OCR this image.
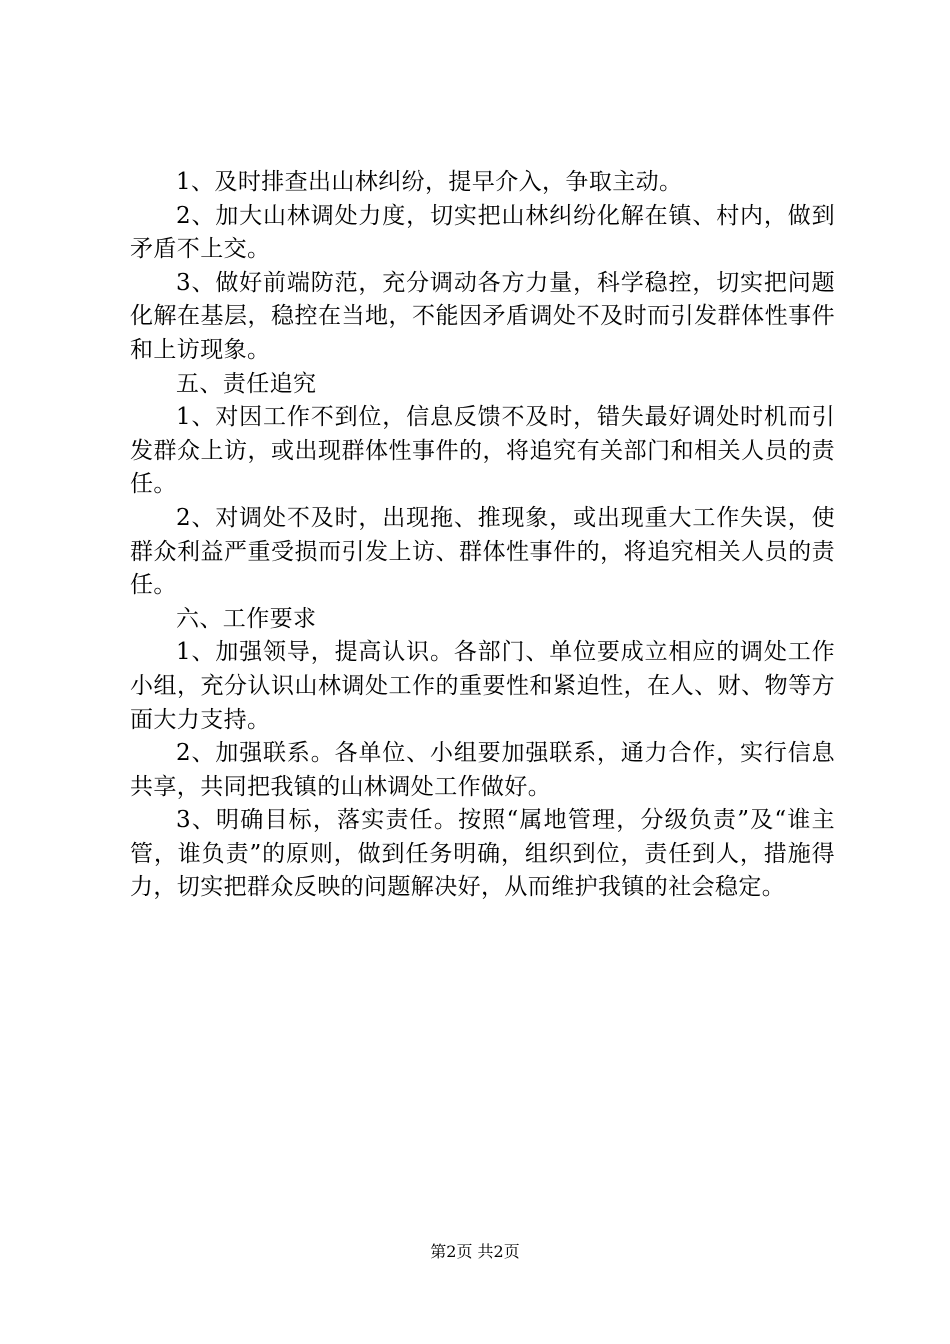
1、及时排查出山林纠纷，提早介入，争取主动。

2、加大山林调处力度，切实把山林纠纷化解在镇、村内，做到矛盾不上交。

3、做好前端防范，充分调动各方力量，科学稳控，切实把问题化解在基层，稳控在当地，不能因矛盾调处不及时而引发群体性事件和上访现象。

五、责任追究

1、对因工作不到位，信息反馈不及时，错失最好调处时机而引发群众上访，或出现群体性事件的，将追究有关部门和相关人员的责任。

2、对调处不及时，出现拖、推现象，或出现重大工作失误，使群众利益严重受损而引发上访、群体性事件的，将追究相关人员的责任。

六、工作要求

1、加强领导，提高认识。各部门、单位要成立相应的调处工作小组，充分认识山林调处工作的重要性和紧迫性，在人、财、物等方面大力支持。

2、加强联系。各单位、小组要加强联系，通力合作，实行信息共享，共同把我镇的山林调处工作做好。

3、明确目标，落实责任。按照“属地管理，分级负责”及“谁主管，谁负责”的原则，做到任务明确，组织到位，责任到人，措施得力，切实把群众反映的问题解决好，从而维护我镇的社会稳定。

第2页 共2页
